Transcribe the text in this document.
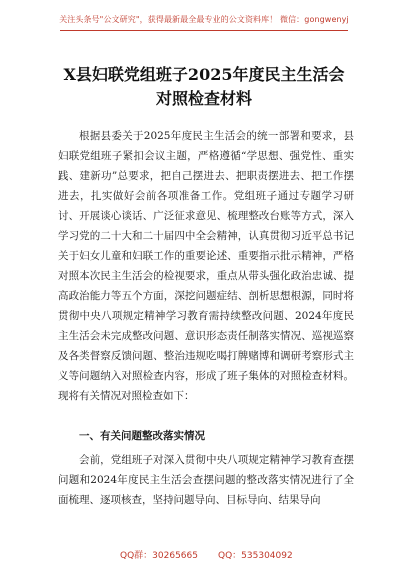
关注头条号"公文研究"，获得最新最全最专业的公文资料库！ 微信：gongwenyj
X县妇联党组班子2025年度民主生活会
对照检查材料
根据县委关于2025年度民主生活会的统一部署和要求，县妇联党组班子紧扣会议主题，严格遵循“学思想、强党性、重实践、建新功”总要求，把自己摆进去、把职责摆进去、把工作摆进去，扎实做好会前各项准备工作。党组班子通过专题学习研讨、开展谈心谈话、广泛征求意见、梳理整改台账等方式，深入学习党的二十大和二十届四中全会精神，认真贯彻习近平总书记关于妇女儿童和妇联工作的重要论述、重要指示批示精神，严格对照本次民主生活会的检视要求，重点从带头强化政治忠诚、提高政治能力等五个方面，深挖问题症结、剖析思想根源，同时将贯彻中央八项规定精神学习教育需持续整改问题、2024年度民主生活会未完成整改问题、意识形态责任制落实情况、巡视巡察及各类督察反馈问题、整治违规吃喝打牌赌博和调研考察形式主义等问题纳入对照检查内容，形成了班子集体的对照检查材料。现将有关情况对照检查如下：
一、有关问题整改落实情况
会前，党组班子对深入贯彻中央八项规定精神学习教育查摆问题和2024年度民主生活会查摆问题的整改落实情况进行了全面梳理、逐项核查，坚持问题导向、目标导向、结果导向
QQ群：30265665 QQ：535304092
